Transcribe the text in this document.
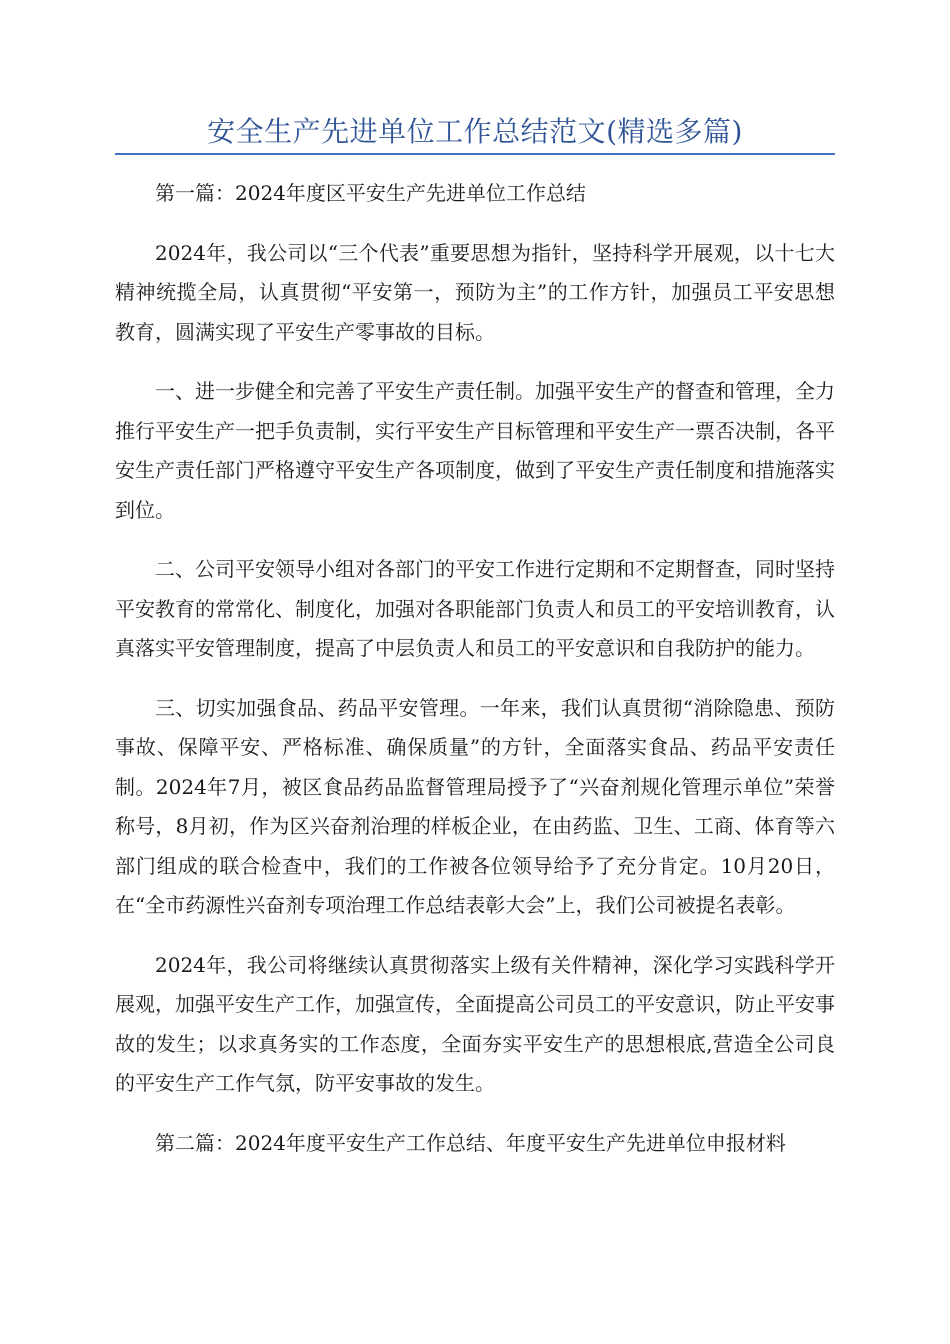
安全生产先进单位工作总结范文(精选多篇)

第一篇：2024年度区平安生产先进单位工作总结

2024年，我公司以“三个代表”重要思想为指针，坚持科学开展观，以十七大精神统揽全局，认真贯彻“平安第一，预防为主”的工作方针，加强员工平安思想教育，圆满实现了平安生产零事故的目标。

一、进一步健全和完善了平安生产责任制。加强平安生产的督查和管理，全力推行平安生产一把手负责制，实行平安生产目标管理和平安生产一票否决制，各平安生产责任部门严格遵守平安生产各项制度，做到了平安生产责任制度和措施落实到位。

二、公司平安领导小组对各部门的平安工作进行定期和不定期督查，同时坚持平安教育的常常化、制度化，加强对各职能部门负责人和员工的平安培训教育，认真落实平安管理制度，提高了中层负责人和员工的平安意识和自我防护的能力。

三、切实加强食品、药品平安管理。一年来，我们认真贯彻“消除隐患、预防事故、保障平安、严格标准、确保质量”的方针，全面落实食品、药品平安责任制。2024年7月，被区食品药品监督管理局授予了“兴奋剂规化管理示单位”荣誉称号，8月初，作为区兴奋剂治理的样板企业，在由药监、卫生、工商、体育等六部门组成的联合检查中，我们的工作被各位领导给予了充分肯定。10月20日，在“全市药源性兴奋剂专项治理工作总结表彰大会”上，我们公司被提名表彰。

2024年，我公司将继续认真贯彻落实上级有关件精神，深化学习实践科学开展观，加强平安生产工作，加强宣传，全面提高公司员工的平安意识，防止平安事故的发生；以求真务实的工作态度，全面夯实平安生产的思想根底,营造全公司良的平安生产工作气氛，防平安事故的发生。

第二篇：2024年度平安生产工作总结、年度平安生产先进单位申报材料
